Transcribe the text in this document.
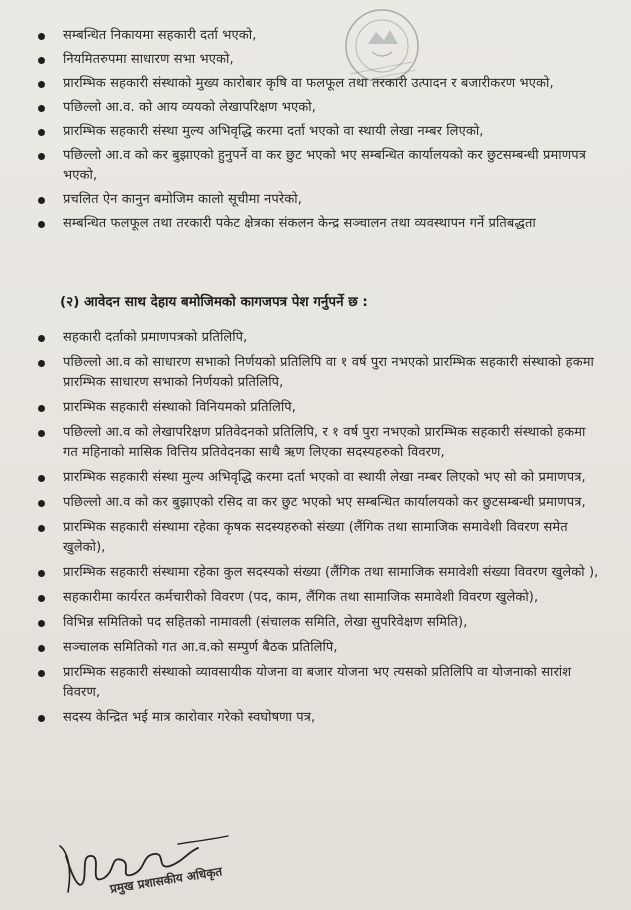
सम्बन्धित निकायमा सहकारी दर्ता भएको,
नियमितरुपमा साधारण सभा भएको,
प्रारम्भिक सहकारी संस्थाको मुख्य कारोबार कृषि वा फलफूल तथा तरकारी उत्पादन र बजारीकरण भएको,
पछिल्लो आ.व. को आय व्ययको लेखापरिक्षण भएको,
प्रारम्भिक सहकारी संस्था मुल्य अभिवृद्धि करमा दर्ता भएको वा स्थायी लेखा नम्बर लिएको,
पछिल्लो आ.व को कर बुझाएको हुनुपर्ने वा कर छुट भएको भए सम्बन्धित कार्यालयको कर छुटसम्बन्धी प्रमाणपत्र भएको,
प्रचलित ऐन कानुन बमोजिम कालो सूचीमा नपरेको,
सम्बन्धित फलफूल तथा तरकारी पकेट क्षेत्रका संकलन केन्द्र सञ्चालन तथा व्यवस्थापन गर्ने प्रतिबद्धता
(२) आवेदन साथ देहाय बमोजिमको कागजपत्र पेश गर्नुपर्ने छ :
सहकारी दर्ताको प्रमाणपत्रको प्रतिलिपि,
पछिल्लो आ.व को साधारण सभाको निर्णयको प्रतिलिपि वा १ वर्ष पुरा नभएको प्रारम्भिक सहकारी संस्थाको हकमा प्रारम्भिक साधारण सभाको निर्णयको प्रतिलिपि,
प्रारम्भिक सहकारी संस्थाको विनियमको प्रतिलिपि,
पछिल्लो आ.व को लेखापरिक्षण प्रतिवेदनको प्रतिलिपि, र १ वर्ष पुरा नभएको प्रारम्भिक सहकारी संस्थाको हकमा गत महिनाको मासिक वित्तिय प्रतिवेदनका साथै ऋण लिएका सदस्यहरुको विवरण,
प्रारम्भिक सहकारी संस्था मुल्य अभिवृद्धि करमा दर्ता भएको वा स्थायी लेखा नम्बर लिएको भए सो को प्रमाणपत्र,
पछिल्लो आ.व को कर बुझाएको रसिद वा कर छुट भएको भए सम्बन्धित कार्यालयको कर छुटसम्बन्धी प्रमाणपत्र,
प्रारम्भिक सहकारी संस्थामा रहेका कृषक सदस्यहरुको संख्या (लैंगिक तथा सामाजिक समावेशी विवरण समेत खुलेको),
प्रारम्भिक सहकारी संस्थामा रहेका कुल सदस्यको संख्या (लैंगिक तथा सामाजिक समावेशी संख्या विवरण खुलेको ),
सहकारीमा कार्यरत कर्मचारीको विवरण (पद, काम, लैंगिक तथा सामाजिक समावेशी विवरण खुलेको),
विभिन्न समितिको पद सहितको नामावली (संचालक समिति, लेखा सुपरिवेक्षण समिति),
सञ्चालक समितिको गत आ.व.को सम्पुर्ण बैठक प्रतिलिपि,
प्रारम्भिक सहकारी संस्थाको व्यावसायीक योजना वा बजार योजना भए त्यसको प्रतिलिपि वा योजनाको सारांश विवरण,
सदस्य केन्द्रित भई मात्र कारोवार गरेको स्वघोषणा पत्र,
प्रमुख प्रशासकीय अधिकृत
